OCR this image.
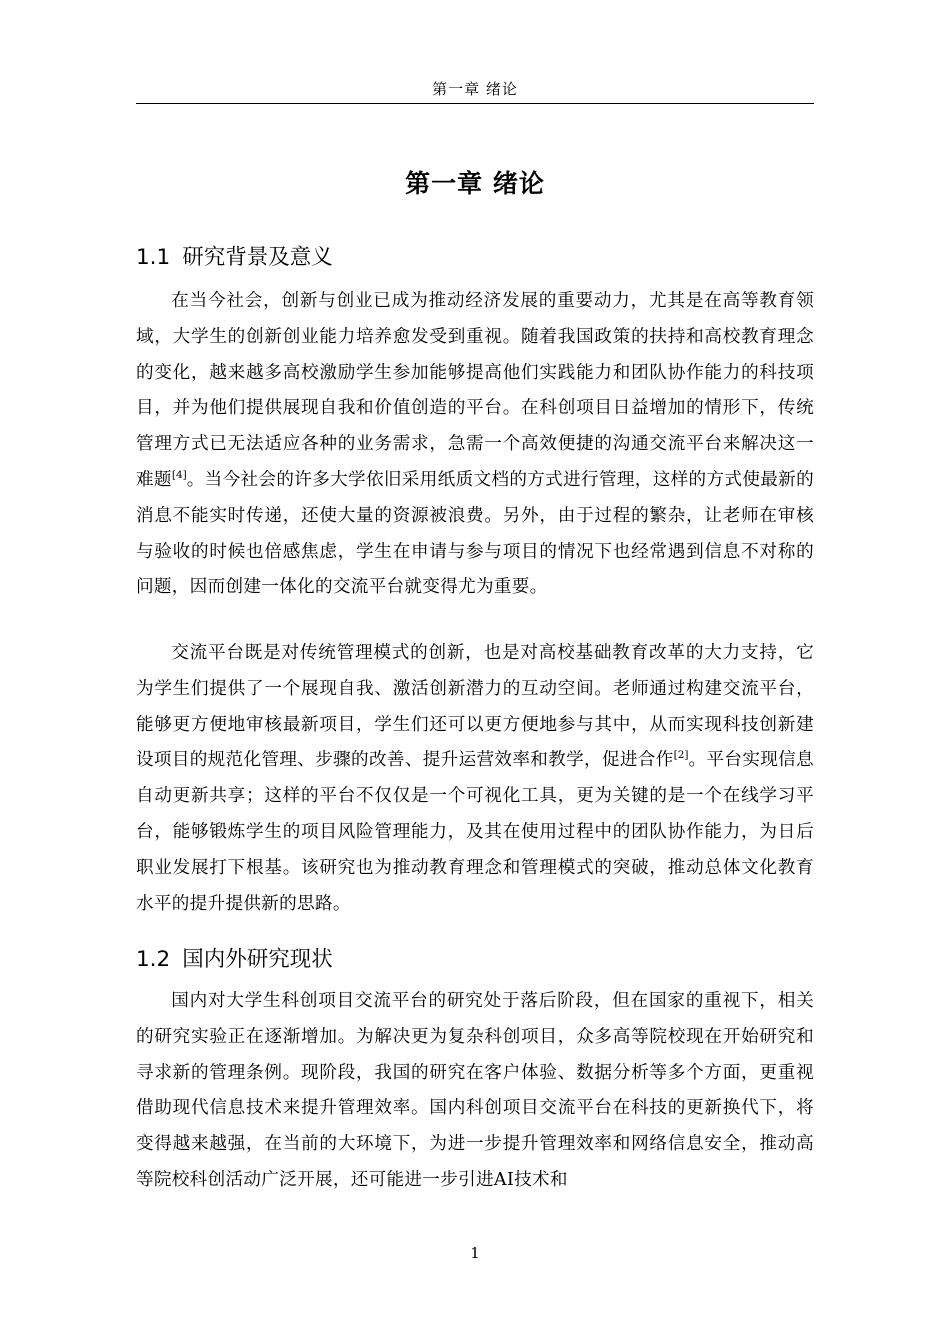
第一章 绪论
第一章 绪论
1.1 研究背景及意义

在当今社会，创新与创业已成为推动经济发展的重要动力，尤其是在高等教育领域，大学生的创新创业能力培养愈发受到重视。随着我国政策的扶持和高校教育理念的变化，越来越多高校激励学生参加能够提高他们实践能力和团队协作能力的科技项目，并为他们提供展现自我和价值创造的平台。在科创项目日益增加的情形下，传统管理方式已无法适应各种的业务需求，急需一个高效便捷的沟通交流平台来解决这一难题[4]。当今社会的许多大学依旧采用纸质文档的方式进行管理，这样的方式使最新的消息不能实时传递，还使大量的资源被浪费。另外，由于过程的繁杂，让老师在审核与验收的时候也倍感焦虑，学生在申请与参与项目的情况下也经常遇到信息不对称的问题，因而创建一体化的交流平台就变得尤为重要。

交流平台既是对传统管理模式的创新，也是对高校基础教育改革的大力支持，它为学生们提供了一个展现自我、激活创新潜力的互动空间。老师通过构建交流平台，能够更方便地审核最新项目，学生们还可以更方便地参与其中，从而实现科技创新建设项目的规范化管理、步骤的改善、提升运营效率和教学，促进合作[2]。平台实现信息自动更新共享；这样的平台不仅仅是一个可视化工具，更为关键的是一个在线学习平台，能够锻炼学生的项目风险管理能力，及其在使用过程中的团队协作能力，为日后职业发展打下根基。该研究也为推动教育理念和管理模式的突破，推动总体文化教育水平的提升提供新的思路。

1.2 国内外研究现状

国内对大学生科创项目交流平台的研究处于落后阶段，但在国家的重视下，相关的研究实验正在逐渐增加。为解决更为复杂科创项目，众多高等院校现在开始研究和寻求新的管理条例。现阶段，我国的研究在客户体验、数据分析等多个方面，更重视借助现代信息技术来提升管理效率。国内科创项目交流平台在科技的更新换代下，将变得越来越强，在当前的大环境下，为进一步提升管理效率和网络信息安全，推动高等院校科创活动广泛开展，还可能进一步引进AI技术和

1
